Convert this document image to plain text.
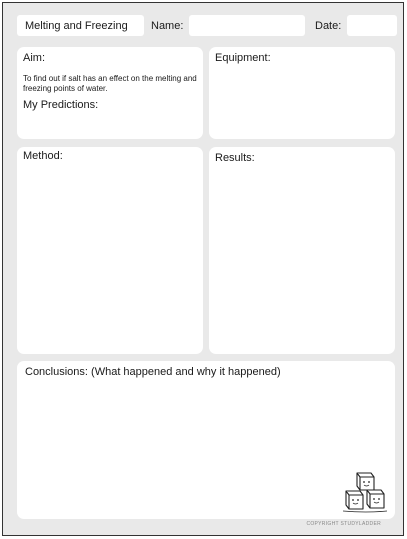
Melting and Freezing Name:	Date:
Aim:
To find out if salt has an effect on the melting and freezing points of water.
My Predictions:
Equipment:
Method:	Results:
Conclusions: (What happened and why it happened)
COPYRIGHT STUDYLADDER
